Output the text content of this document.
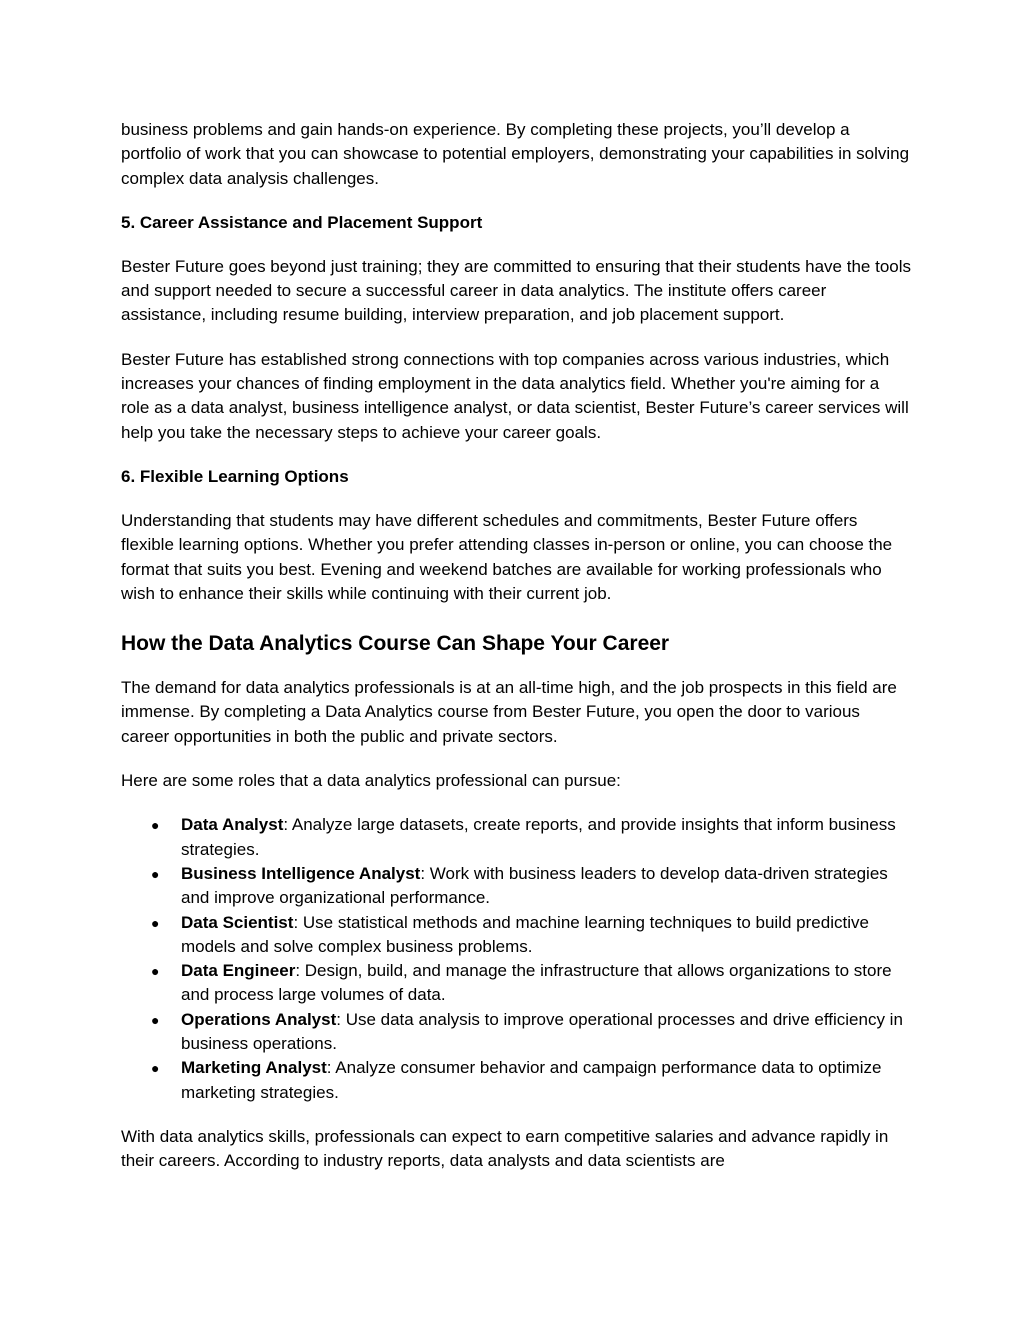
business problems and gain hands-on experience. By completing these projects, you’ll develop a portfolio of work that you can showcase to potential employers, demonstrating your capabilities in solving complex data analysis challenges.

5. Career Assistance and Placement Support

Bester Future goes beyond just training; they are committed to ensuring that their students have the tools and support needed to secure a successful career in data analytics. The institute offers career assistance, including resume building, interview preparation, and job placement support.

Bester Future has established strong connections with top companies across various industries, which increases your chances of finding employment in the data analytics field. Whether you're aiming for a role as a data analyst, business intelligence analyst, or data scientist, Bester Future’s career services will help you take the necessary steps to achieve your career goals.

6. Flexible Learning Options

Understanding that students may have different schedules and commitments, Bester Future offers flexible learning options. Whether you prefer attending classes in-person or online, you can choose the format that suits you best. Evening and weekend batches are available for working professionals who wish to enhance their skills while continuing with their current job.

How the Data Analytics Course Can Shape Your Career

The demand for data analytics professionals is at an all-time high, and the job prospects in this field are immense. By completing a Data Analytics course from Bester Future, you open the door to various career opportunities in both the public and private sectors.

Here are some roles that a data analytics professional can pursue:

● Data Analyst: Analyze large datasets, create reports, and provide insights that inform business strategies.
● Business Intelligence Analyst: Work with business leaders to develop data-driven strategies and improve organizational performance.
● Data Scientist: Use statistical methods and machine learning techniques to build predictive models and solve complex business problems.
● Data Engineer: Design, build, and manage the infrastructure that allows organizations to store and process large volumes of data.
● Operations Analyst: Use data analysis to improve operational processes and drive efficiency in business operations.
● Marketing Analyst: Analyze consumer behavior and campaign performance data to optimize marketing strategies.

With data analytics skills, professionals can expect to earn competitive salaries and advance rapidly in their careers. According to industry reports, data analysts and data scientists are
